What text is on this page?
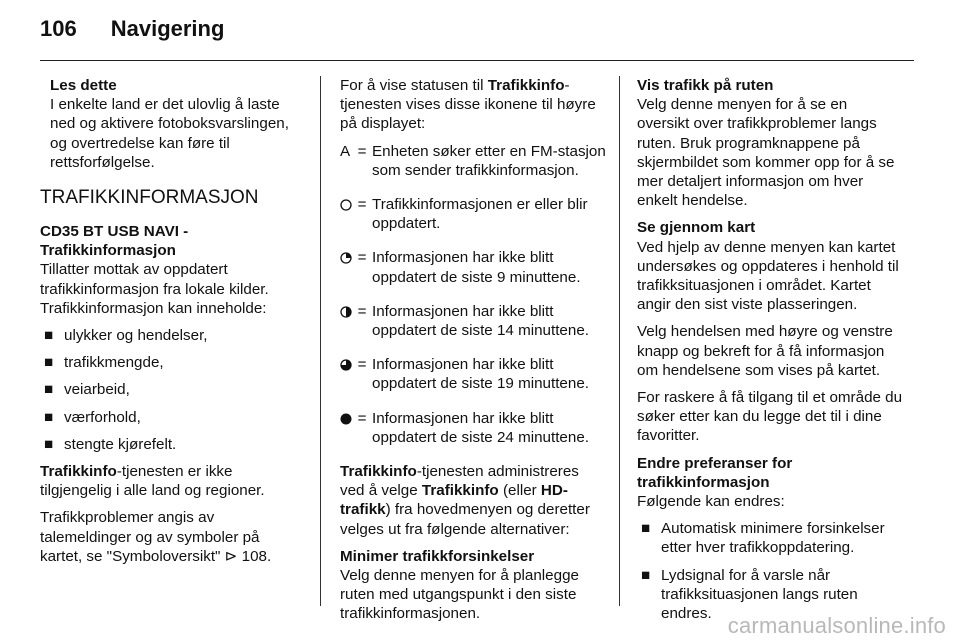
106 Navigering
Les dette

I enkelte land er det ulovlig å laste ned og aktivere fotoboksvarslingen, og overtredelse kan føre til rettsforfølgelse.

TRAFIKKINFORMASJON
CD35 BT USB NAVI - Trafikkinformasjon

Tillatter mottak av oppdatert trafikkinformasjon fra lokale kilder. Trafikkinformasjon kan inneholde:

■ ulykker og hendelser,
■ trafikkmengde,
■ veiarbeid,
■ værforhold,
■ stengte kjørefelt.

Trafikkinfo-tjenesten er ikke tilgjengelig i alle land og regioner.

Trafikkproblemer angis av talemeldinger og av symboler på kartet, se "Symboloversikt" ⊳ 108.

For å vise statusen til Trafikkinfo-tjenesten vises disse ikonene til høyre på displayet:

A = Enheten søker etter en FM-stasjon som sender trafikkinformasjon.
= Trafikkinformasjonen er eller blir oppdatert.
= Informasjonen har ikke blitt oppdatert de siste 9 minuttene.
= Informasjonen har ikke blitt oppdatert de siste 14 minuttene.
= Informasjonen har ikke blitt oppdatert de siste 19 minuttene.
= Informasjonen har ikke blitt oppdatert de siste 24 minuttene.

Trafikkinfo-tjenesten administreres ved å velge Trafikkinfo (eller HD-trafikk) fra hovedmenyen og deretter velges ut fra følgende alternativer:

Minimer trafikkforsinkelser

Velg denne menyen for å planlegge ruten med utgangspunkt i den siste trafikkinformasjonen.

Vis trafikk på ruten

Velg denne menyen for å se en oversikt over trafikkproblemer langs ruten. Bruk programknappene på skjermbildet som kommer opp for å se mer detaljert informasjon om hver enkelt hendelse.

Se gjennom kart

Ved hjelp av denne menyen kan kartet undersøkes og oppdateres i henhold til trafikksituasjonen i området. Kartet angir den sist viste plasseringen.

Velg hendelsen med høyre og venstre knapp og bekreft for å få informasjon om hendelsene som vises på kartet.

For raskere å få tilgang til et område du søker etter kan du legge det til i dine favoritter.

Endre preferanser for trafikkinformasjon

Følgende kan endres:

■ Automatisk minimere forsinkelser etter hver trafikkoppdatering.
■ Lydsignal for å varsle når trafikksituasjonen langs ruten endres. carmanualsonline.info
